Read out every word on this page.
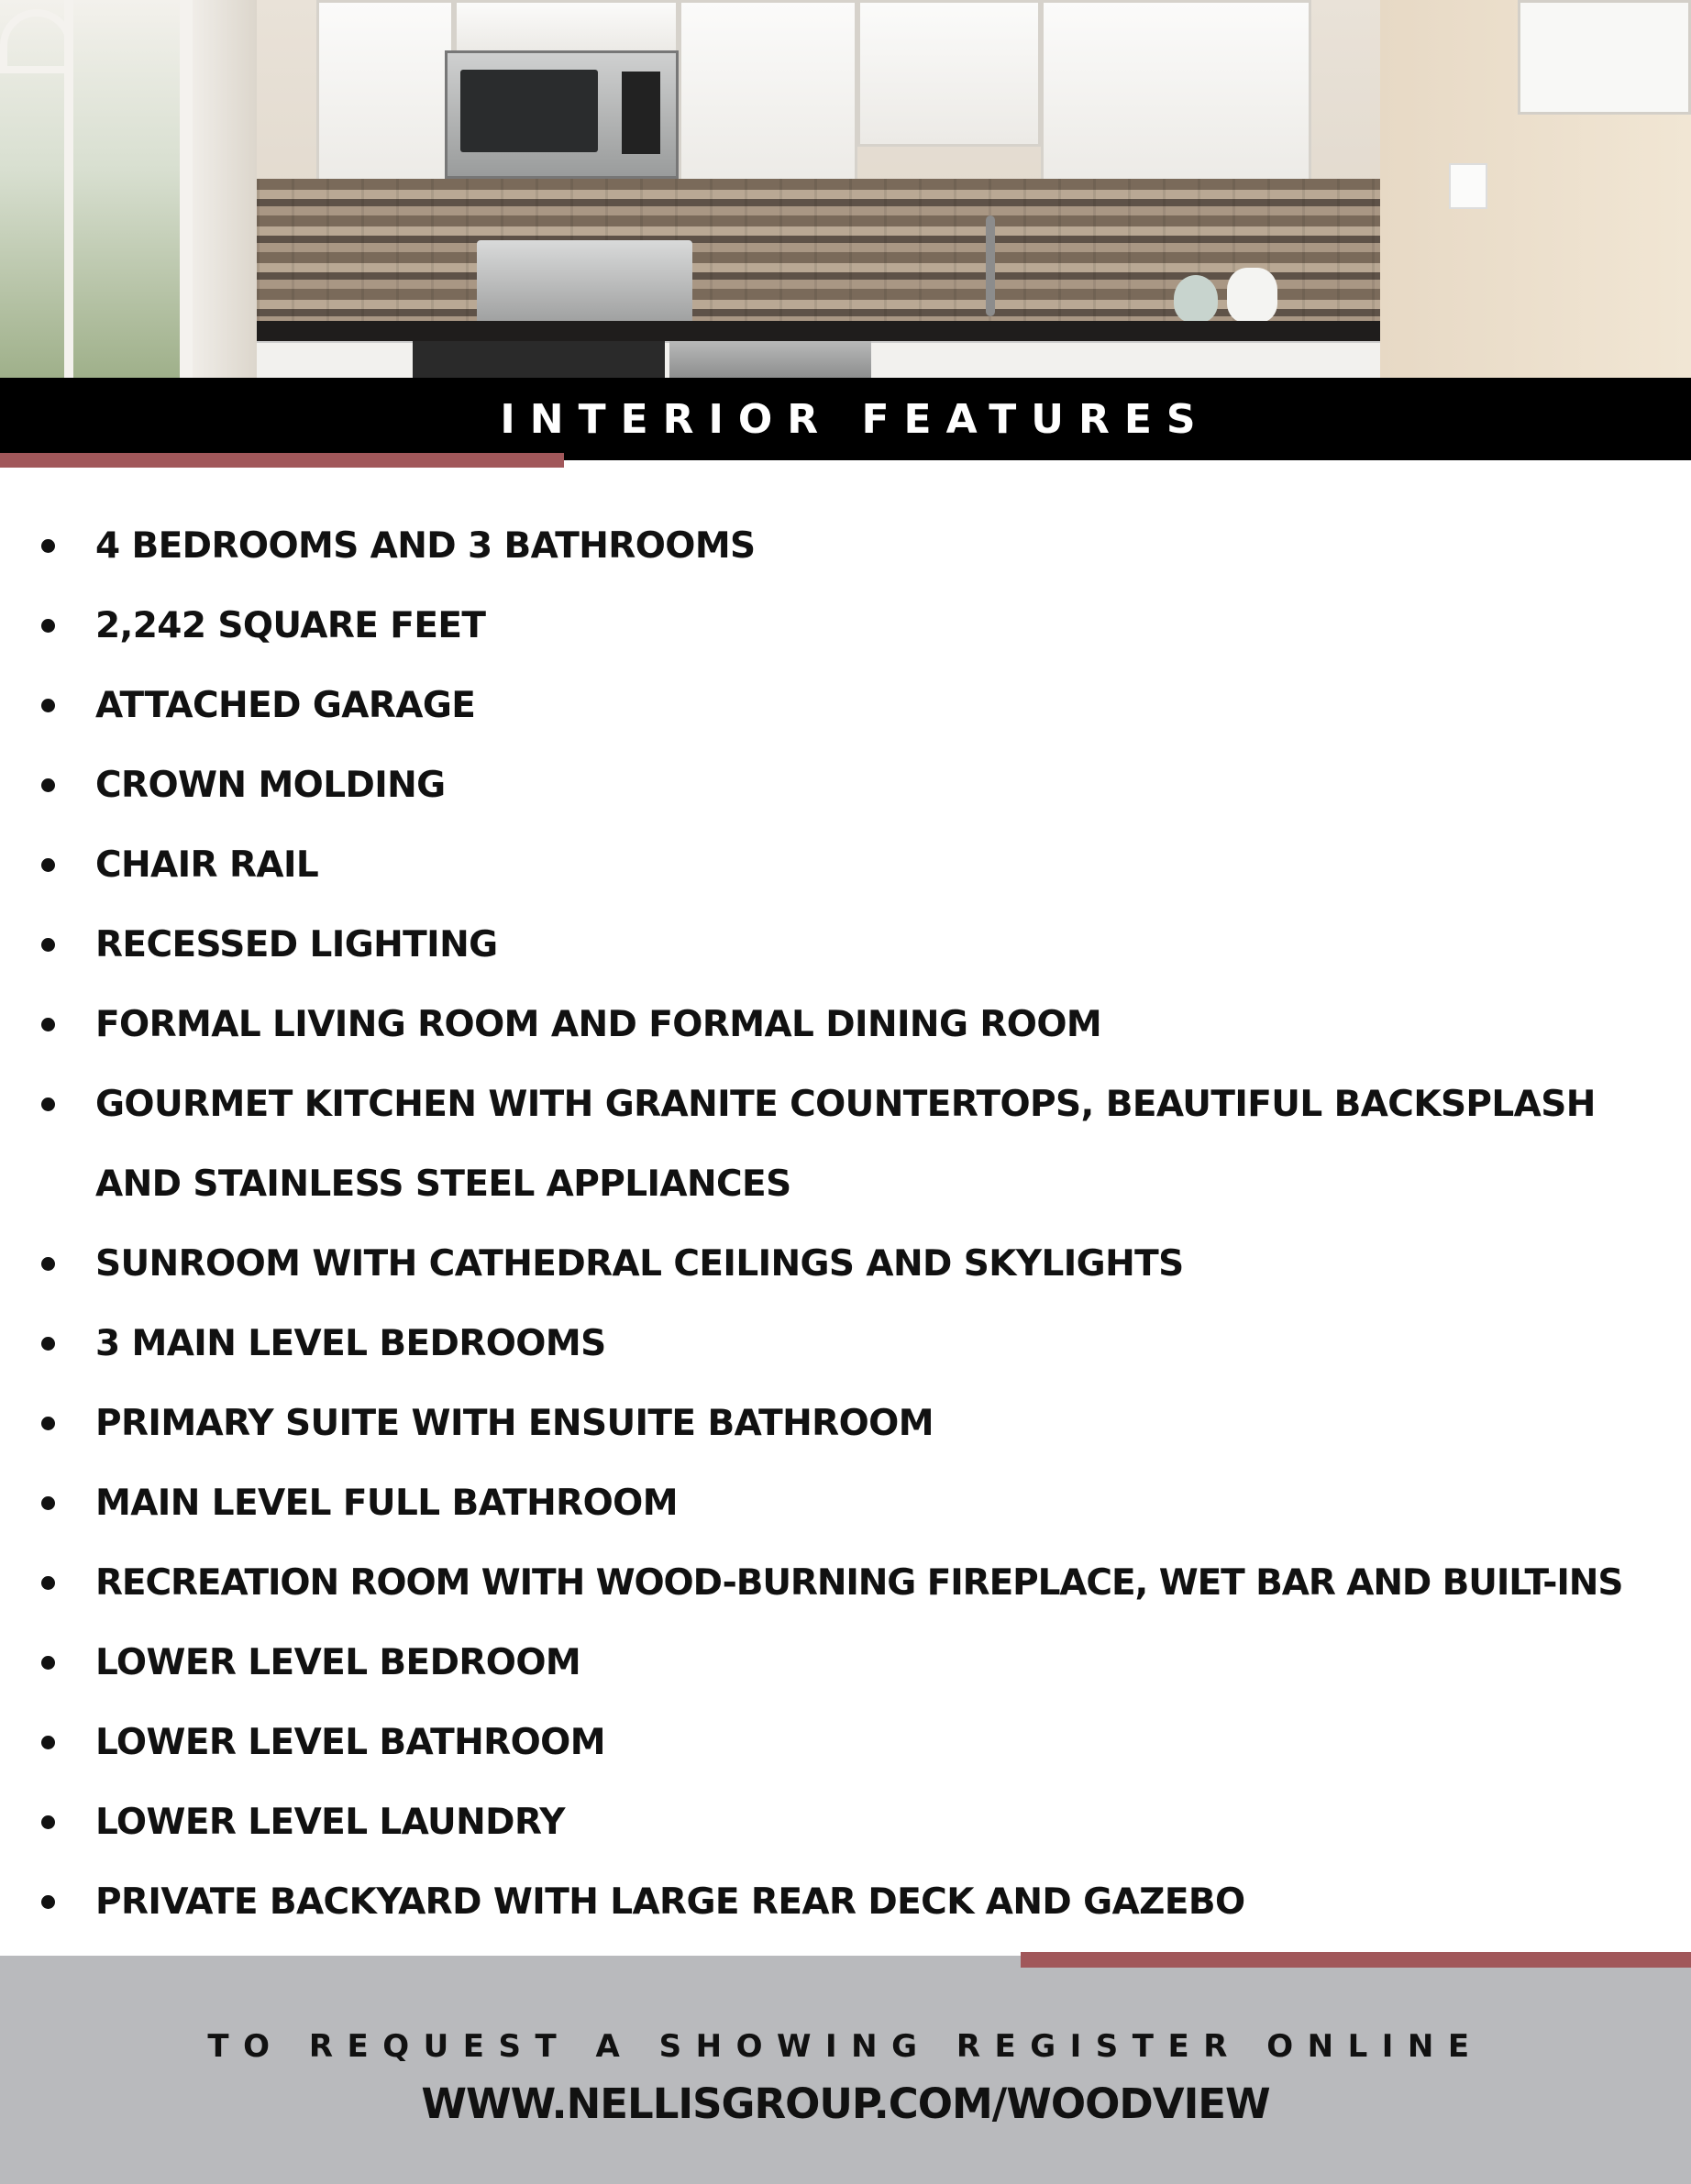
INTERIOR FEATURES
4 BEDROOMS AND 3 BATHROOMS
2,242 SQUARE FEET
ATTACHED GARAGE
CROWN MOLDING
CHAIR RAIL
RECESSED LIGHTING
FORMAL LIVING ROOM AND FORMAL DINING ROOM
GOURMET KITCHEN WITH GRANITE COUNTERTOPS, BEAUTIFUL BACKSPLASH
AND STAINLESS STEEL APPLIANCES
SUNROOM WITH CATHEDRAL CEILINGS AND SKYLIGHTS
3 MAIN LEVEL BEDROOMS
PRIMARY SUITE WITH ENSUITE BATHROOM
MAIN LEVEL FULL BATHROOM
RECREATION ROOM WITH WOOD-BURNING FIREPLACE, WET BAR AND BUILT-INS
LOWER LEVEL BEDROOM
LOWER LEVEL BATHROOM
LOWER LEVEL LAUNDRY
PRIVATE BACKYARD WITH LARGE REAR DECK AND GAZEBO
TO REQUEST A SHOWING REGISTER ONLINE
WWW.NELLISGROUP.COM/WOODVIEW
